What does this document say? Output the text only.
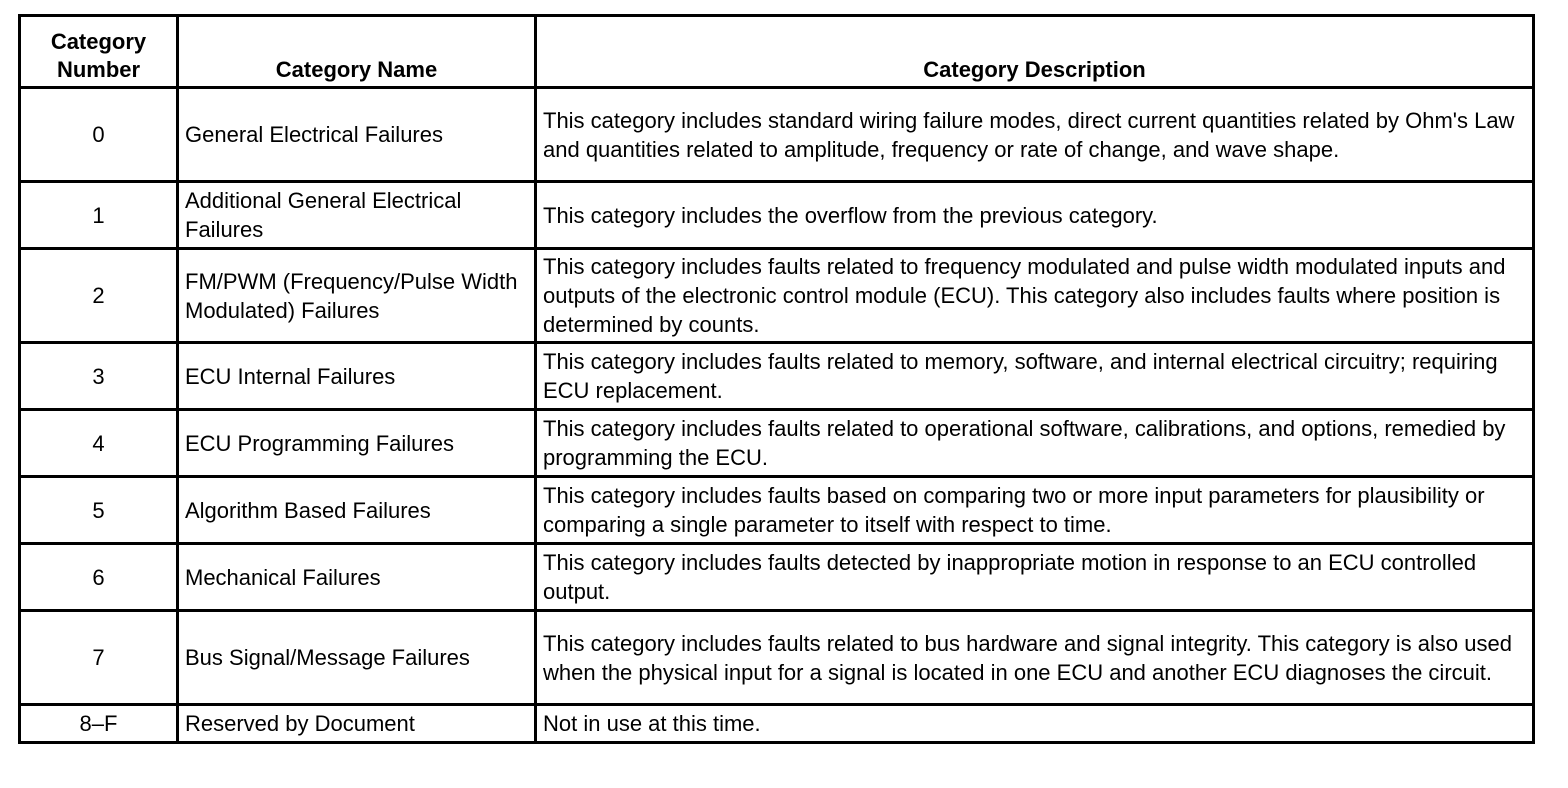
Category Number	Category Name	Category Description
0	General Electrical Failures	This category includes standard wiring failure modes, direct current quantities related by Ohm's Law and quantities related to amplitude, frequency or rate of change, and wave shape.
1	Additional General Electrical Failures	This category includes the overflow from the previous category.
2	FM/PWM (Frequency/Pulse Width Modulated) Failures	This category includes faults related to frequency modulated and pulse width modulated inputs and outputs of the electronic control module (ECU). This category also includes faults where position is determined by counts.
3	ECU Internal Failures	This category includes faults related to memory, software, and internal electrical circuitry; requiring ECU replacement.
4	ECU Programming Failures	This category includes faults related to operational software, calibrations, and options, remedied by programming the ECU.
5	Algorithm Based Failures	This category includes faults based on comparing two or more input parameters for plausibility or comparing a single parameter to itself with respect to time.
6	Mechanical Failures	This category includes faults detected by inappropriate motion in response to an ECU controlled output.
7	Bus Signal/Message Failures	This category includes faults related to bus hardware and signal integrity. This category is also used when the physical input for a signal is located in one ECU and another ECU diagnoses the circuit.
8–F	Reserved by Document	Not in use at this time.
